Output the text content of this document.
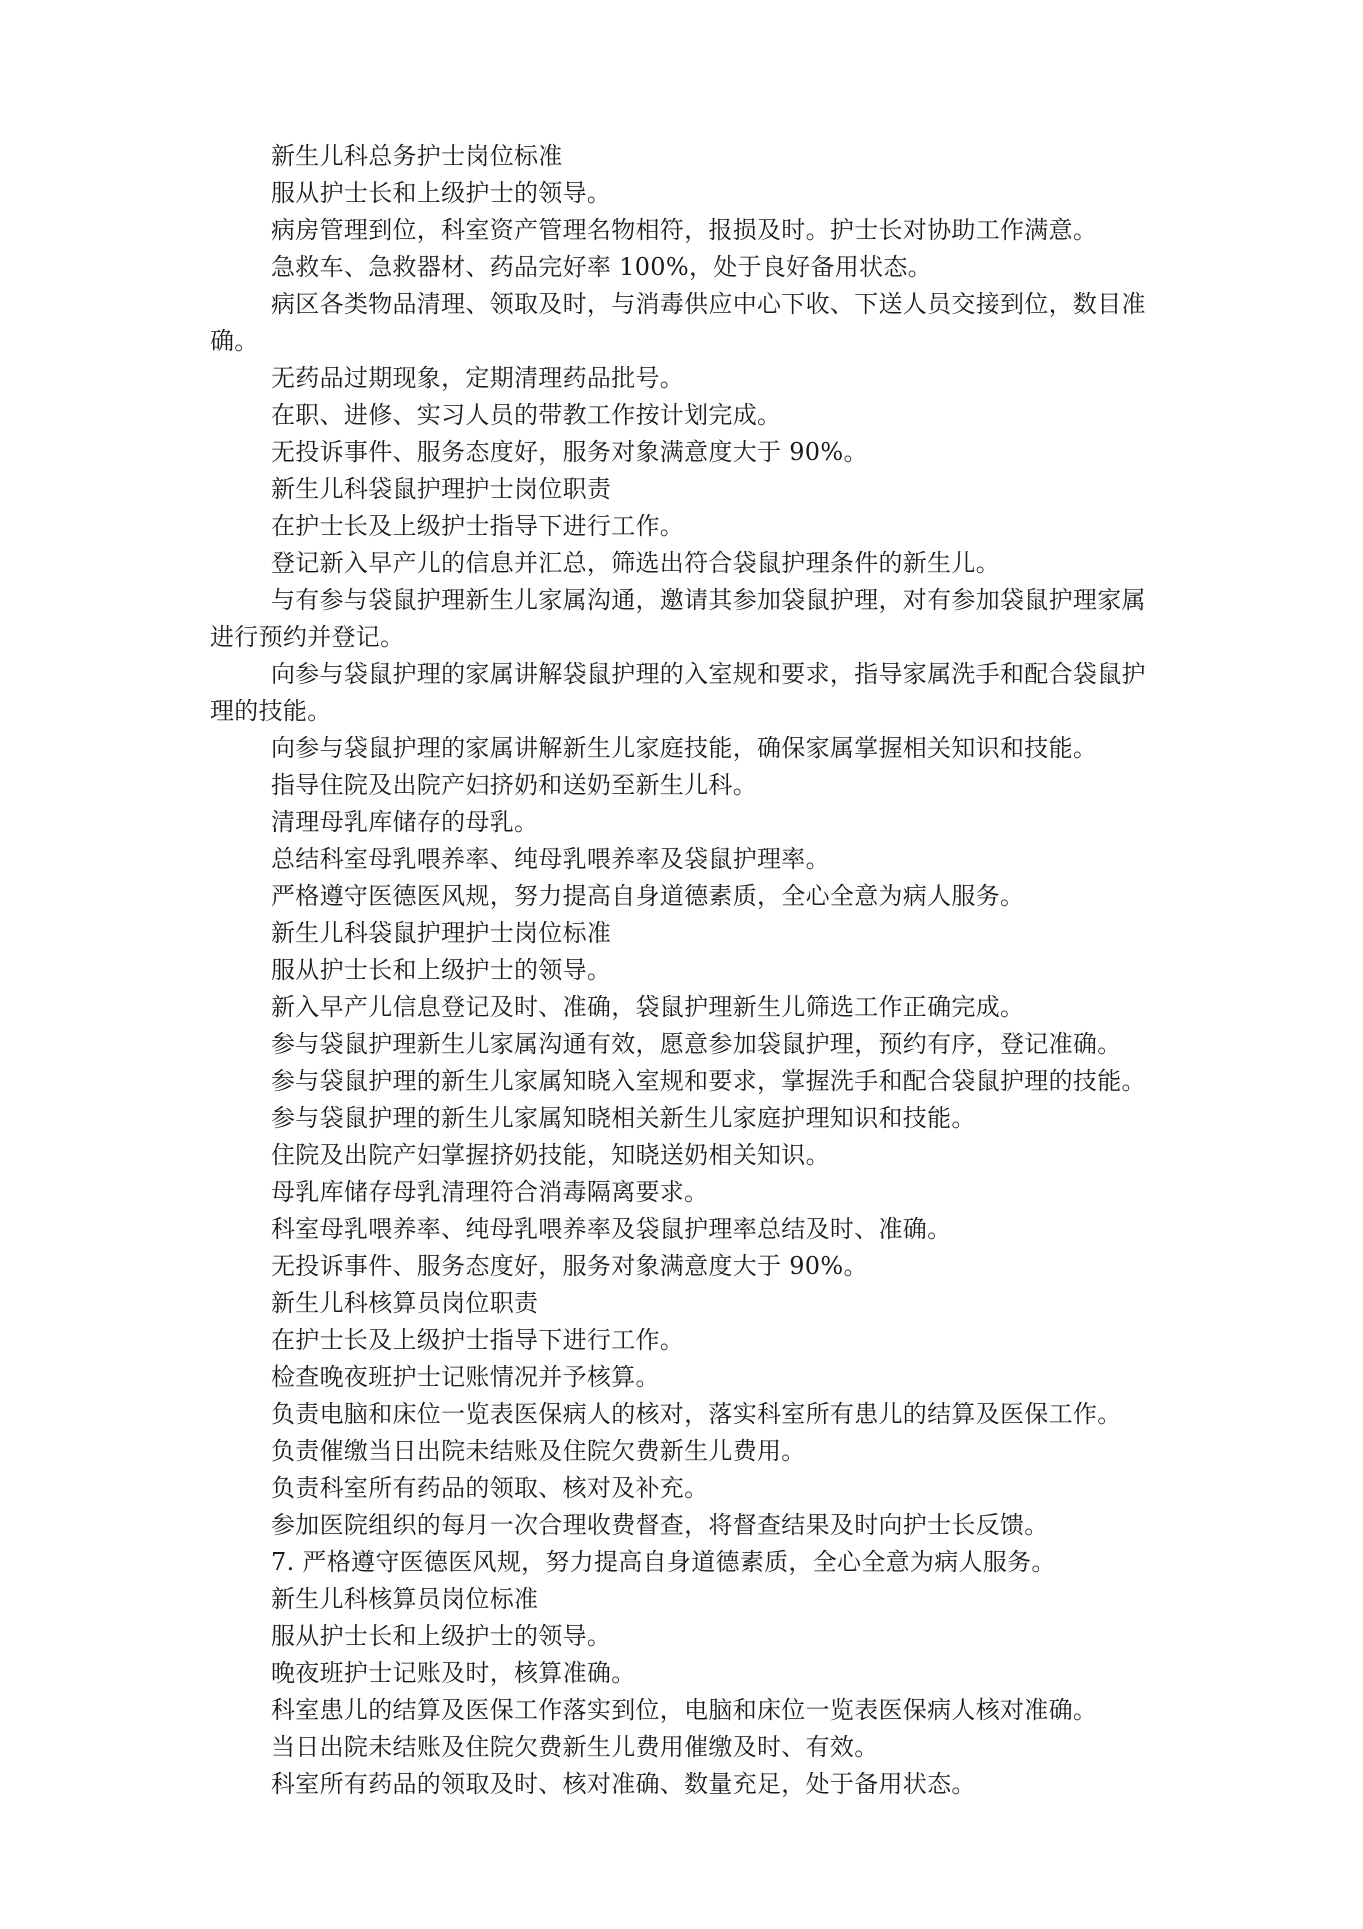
新生儿科总务护士岗位标准

服从护士长和上级护士的领导。

病房管理到位，科室资产管理名物相符，报损及时。护士长对协助工作满意。

急救车、急救器材、药品完好率 100%，处于良好备用状态。

病区各类物品清理、领取及时，与消毒供应中心下收、下送人员交接到位，数目准确。

无药品过期现象，定期清理药品批号。

在职、进修、实习人员的带教工作按计划完成。

无投诉事件、服务态度好，服务对象满意度大于 90%。

新生儿科袋鼠护理护士岗位职责

在护士长及上级护士指导下进行工作。

登记新入早产儿的信息并汇总，筛选出符合袋鼠护理条件的新生儿。

与有参与袋鼠护理新生儿家属沟通，邀请其参加袋鼠护理，对有参加袋鼠护理家属进行预约并登记。

向参与袋鼠护理的家属讲解袋鼠护理的入室规和要求，指导家属洗手和配合袋鼠护理的技能。

向参与袋鼠护理的家属讲解新生儿家庭技能，确保家属掌握相关知识和技能。

指导住院及出院产妇挤奶和送奶至新生儿科。

清理母乳库储存的母乳。

总结科室母乳喂养率、纯母乳喂养率及袋鼠护理率。

严格遵守医德医风规，努力提高自身道德素质，全心全意为病人服务。

新生儿科袋鼠护理护士岗位标准

服从护士长和上级护士的领导。

新入早产儿信息登记及时、准确，袋鼠护理新生儿筛选工作正确完成。

参与袋鼠护理新生儿家属沟通有效，愿意参加袋鼠护理，预约有序，登记准确。

参与袋鼠护理的新生儿家属知晓入室规和要求，掌握洗手和配合袋鼠护理的技能。

参与袋鼠护理的新生儿家属知晓相关新生儿家庭护理知识和技能。

住院及出院产妇掌握挤奶技能，知晓送奶相关知识。

母乳库储存母乳清理符合消毒隔离要求。

科室母乳喂养率、纯母乳喂养率及袋鼠护理率总结及时、准确。

无投诉事件、服务态度好，服务对象满意度大于 90%。

新生儿科核算员岗位职责

在护士长及上级护士指导下进行工作。

检查晚夜班护士记账情况并予核算。

负责电脑和床位一览表医保病人的核对，落实科室所有患儿的结算及医保工作。

负责催缴当日出院未结账及住院欠费新生儿费用。

负责科室所有药品的领取、核对及补充。

参加医院组织的每月一次合理收费督查，将督查结果及时向护士长反馈。

7. 严格遵守医德医风规，努力提高自身道德素质，全心全意为病人服务。

新生儿科核算员岗位标准

服从护士长和上级护士的领导。

晚夜班护士记账及时，核算准确。

科室患儿的结算及医保工作落实到位，电脑和床位一览表医保病人核对准确。

当日出院未结账及住院欠费新生儿费用催缴及时、有效。

科室所有药品的领取及时、核对准确、数量充足，处于备用状态。
